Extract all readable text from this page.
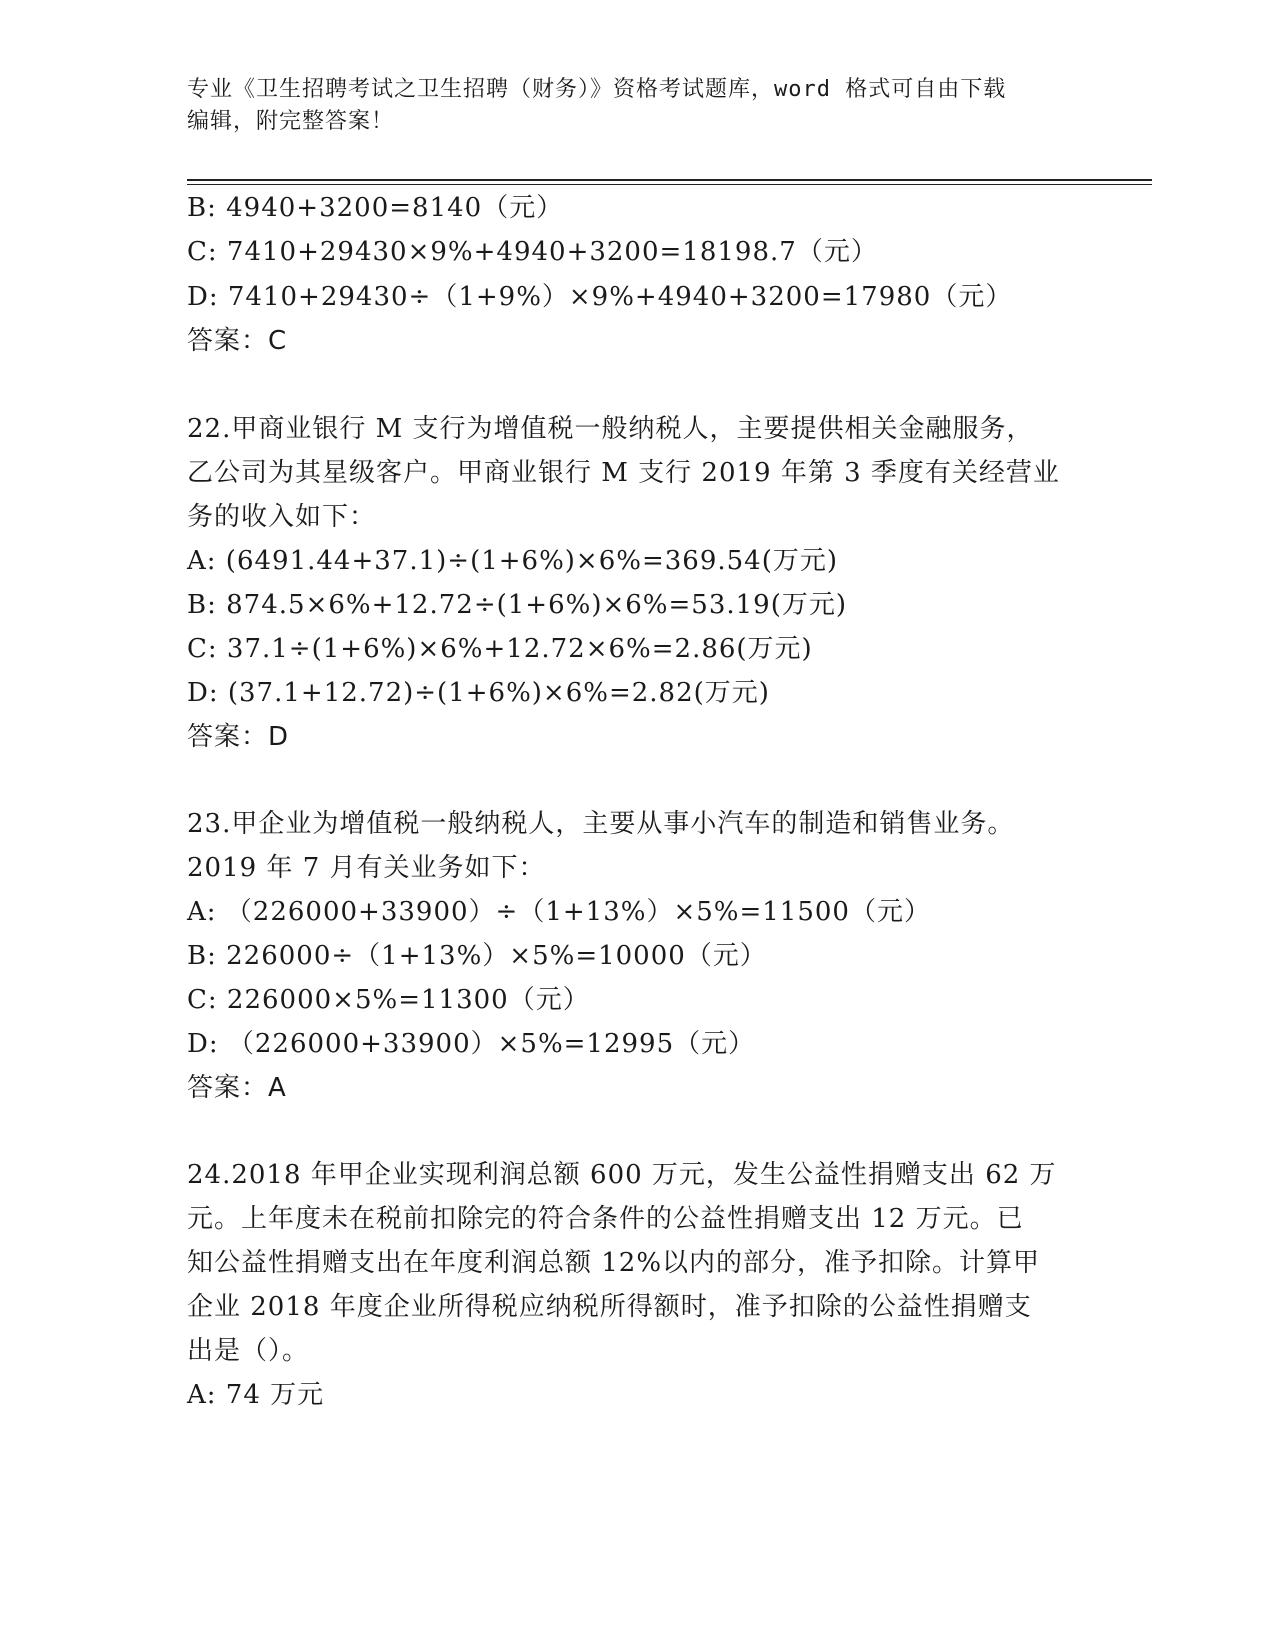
专业《卫生招聘考试之卫生招聘（财务）》资格考试题库，word 格式可自由下载
编辑，附完整答案！
B: 4940+3200=8140（元）
C: 7410+29430×9%+4940+3200=18198.7（元）
D: 7410+29430÷（1+9%）×9%+4940+3200=17980（元）
答案：C
22.甲商业银行 M 支行为增值税一般纳税人，主要提供相关金融服务，
乙公司为其星级客户。甲商业银行 M 支行 2019 年第 3 季度有关经营业
务的收入如下：
A: (6491.44+37.1)÷(1+6%)×6%=369.54(万元)
B: 874.5×6%+12.72÷(1+6%)×6%=53.19(万元)
C: 37.1÷(1+6%)×6%+12.72×6%=2.86(万元)
D: (37.1+12.72)÷(1+6%)×6%=2.82(万元)
答案：D
23.甲企业为增值税一般纳税人，主要从事小汽车的制造和销售业务。
2019 年 7 月有关业务如下：
A: （226000+33900）÷（1+13%）×5%=11500（元）
B: 226000÷（1+13%）×5%=10000（元）
C: 226000×5%=11300（元）
D: （226000+33900）×5%=12995（元）
答案：A
24.2018 年甲企业实现利润总额 600 万元，发生公益性捐赠支出 62 万
元。上年度未在税前扣除完的符合条件的公益性捐赠支出 12 万元。已
知公益性捐赠支出在年度利润总额 12%以内的部分，准予扣除。计算甲
企业 2018 年度企业所得税应纳税所得额时，准予扣除的公益性捐赠支
出是（）。
A: 74 万元
